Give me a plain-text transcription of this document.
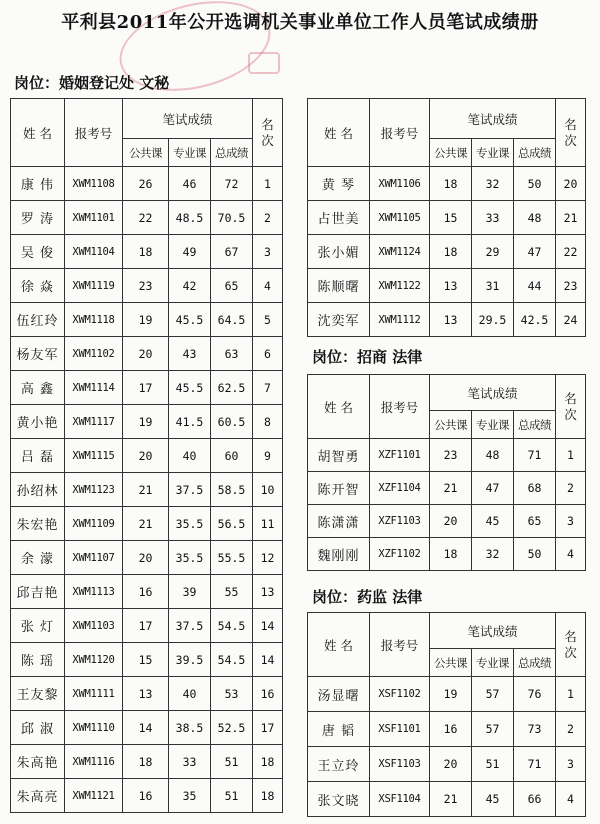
平利县2011年公开选调机关事业单位工作人员笔试成绩册
岗位：婚姻登记处 文秘
岗位：招商 法律
岗位：药监 法律
姓 名	报考号	笔试成绩			名
次
		公共课	专业课	总成绩	
康 伟	XWM1108	26	46	72	1
罗 涛	XWM1101	22	48.5	70.5	2
吴 俊	XWM1104	18	49	67	3
徐 焱	XWM1119	23	42	65	4
伍红玲	XWM1118	19	45.5	64.5	5
杨友军	XWM1102	20	43	63	6
高 鑫	XWM1114	17	45.5	62.5	7
黄小艳	XWM1117	19	41.5	60.5	8
吕 磊	XWM1115	20	40	60	9
孙绍林	XWM1123	21	37.5	58.5	10
朱宏艳	XWM1109	21	35.5	56.5	11
余 濛	XWM1107	20	35.5	55.5	12
邱吉艳	XWM1113	16	39	55	13
张 灯	XWM1103	17	37.5	54.5	14
陈 瑶	XWM1120	15	39.5	54.5	14
王友黎	XWM1111	13	40	53	16
邱 淑	XWM1110	14	38.5	52.5	17
朱高艳	XWM1116	18	33	51	18
朱高亮	XWM1121	16	35	51	18
姓 名	报考号	笔试成绩			名
次
		公共课	专业课	总成绩	
黄 琴	XWM1106	18	32	50	20
占世美	XWM1105	15	33	48	21
张小媚	XWM1124	18	29	47	22
陈顺曙	XWM1122	13	31	44	23
沈奕军	XWM1112	13	29.5	42.5	24
姓 名	报考号	笔试成绩			名
次
		公共课	专业课	总成绩	
胡智勇	XZF1101	23	48	71	1
陈开智	XZF1104	21	47	68	2
陈潇潇	XZF1103	20	45	65	3
魏刚刚	XZF1102	18	32	50	4
姓 名	报考号	笔试成绩			名
次
		公共课	专业课	总成绩	
汤显曙	XSF1102	19	57	76	1
唐 韬	XSF1101	16	57	73	2
王立玲	XSF1103	20	51	71	3
张文晓	XSF1104	21	45	66	4
